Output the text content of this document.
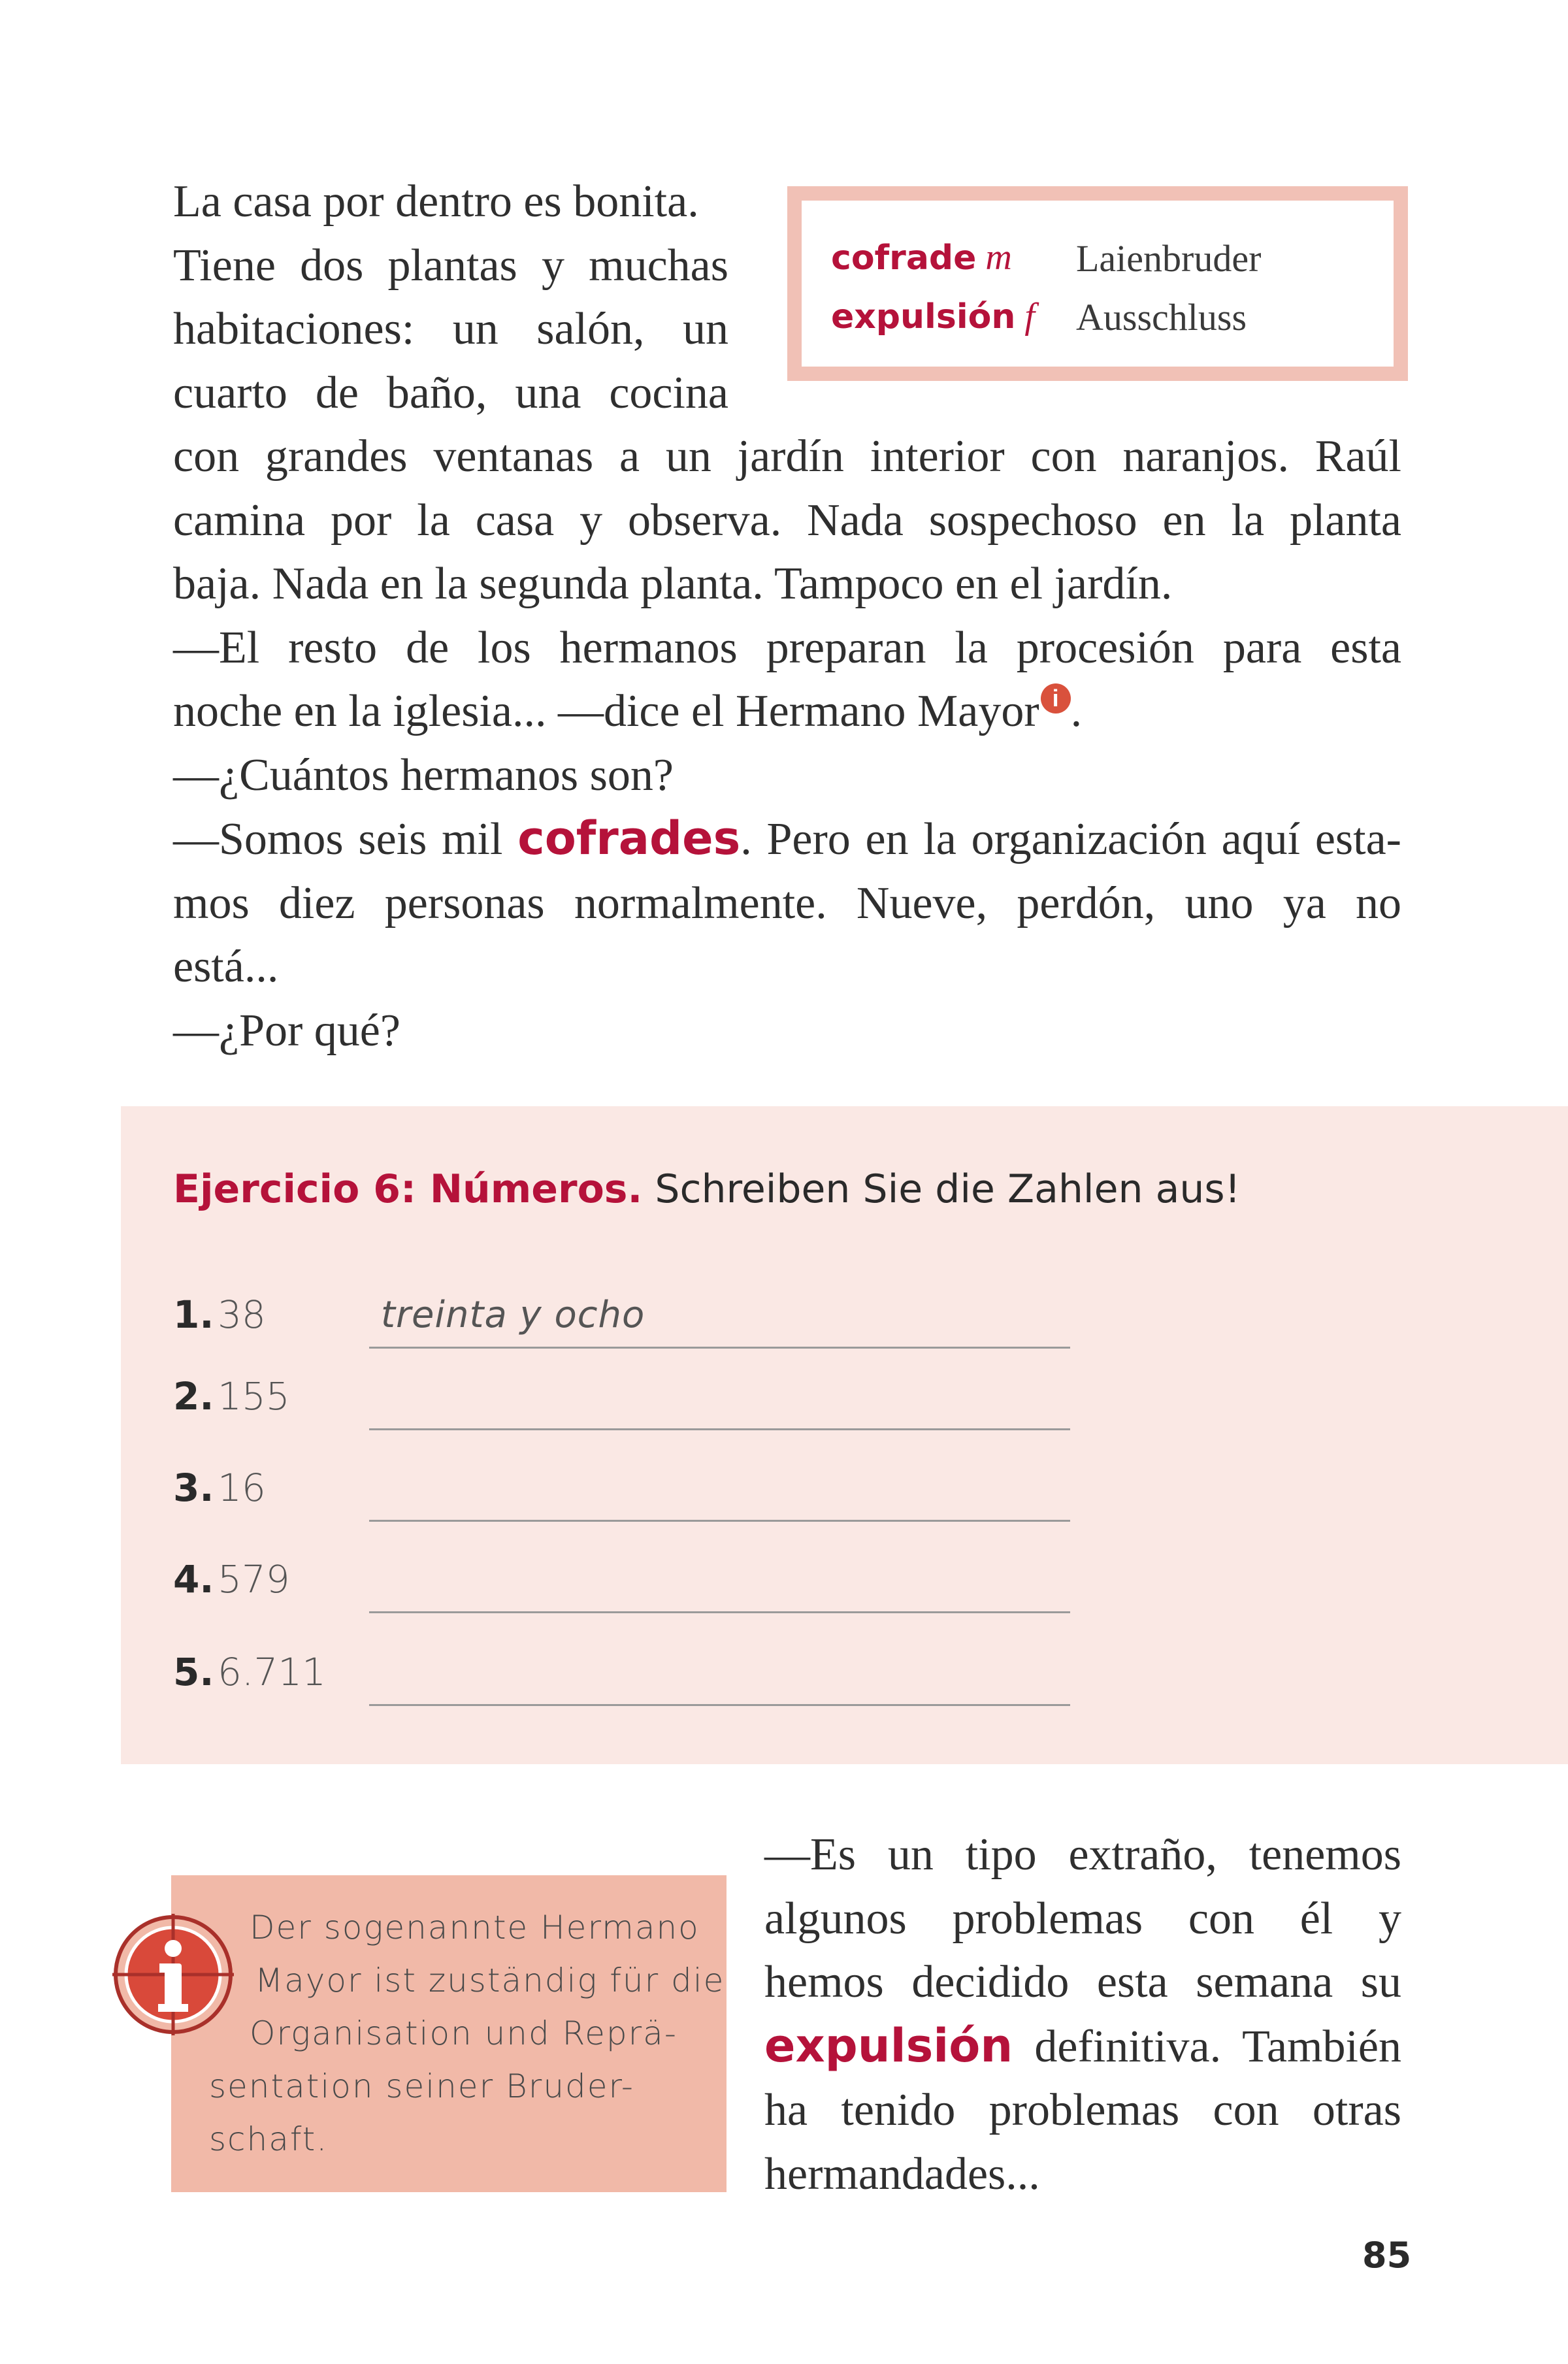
La casa por dentro es bonita.
Tiene dos plantas y muchas
habitaciones: un salón, un
cuarto de baño, una cocina
con grandes ventanas a un jardín interior con naranjos. Raúl
camina por la casa y observa. Nada sospechoso en la planta
baja. Nada en la segunda planta. Tampoco en el jardín.
—El resto de los hermanos preparan la procesión para esta
noche en la iglesia... —dice el Hermano Mayor i .
—¿Cuántos hermanos son?
—Somos seis mil cofrades. Pero en la organización aquí esta-
mos diez personas normalmente. Nueve, perdón, uno ya no
está...
—¿Por qué?
cofrade m Laienbruder
expulsión f Ausschluss
Ejercicio 6: Números. Schreiben Sie die Zahlen aus!
1. 38	treinta y ocho
2. 155
3. 16
4. 579
5. 6.711
—Es un tipo extraño, tenemos
algunos problemas con él y
hemos decidido esta semana su
expulsión definitiva. También
ha tenido problemas con otras
hermandades...
Der sogenannte Hermano
Mayor ist zuständig für die
Organisation und Reprä-
sentation seiner Bruder-
schaft.
85
